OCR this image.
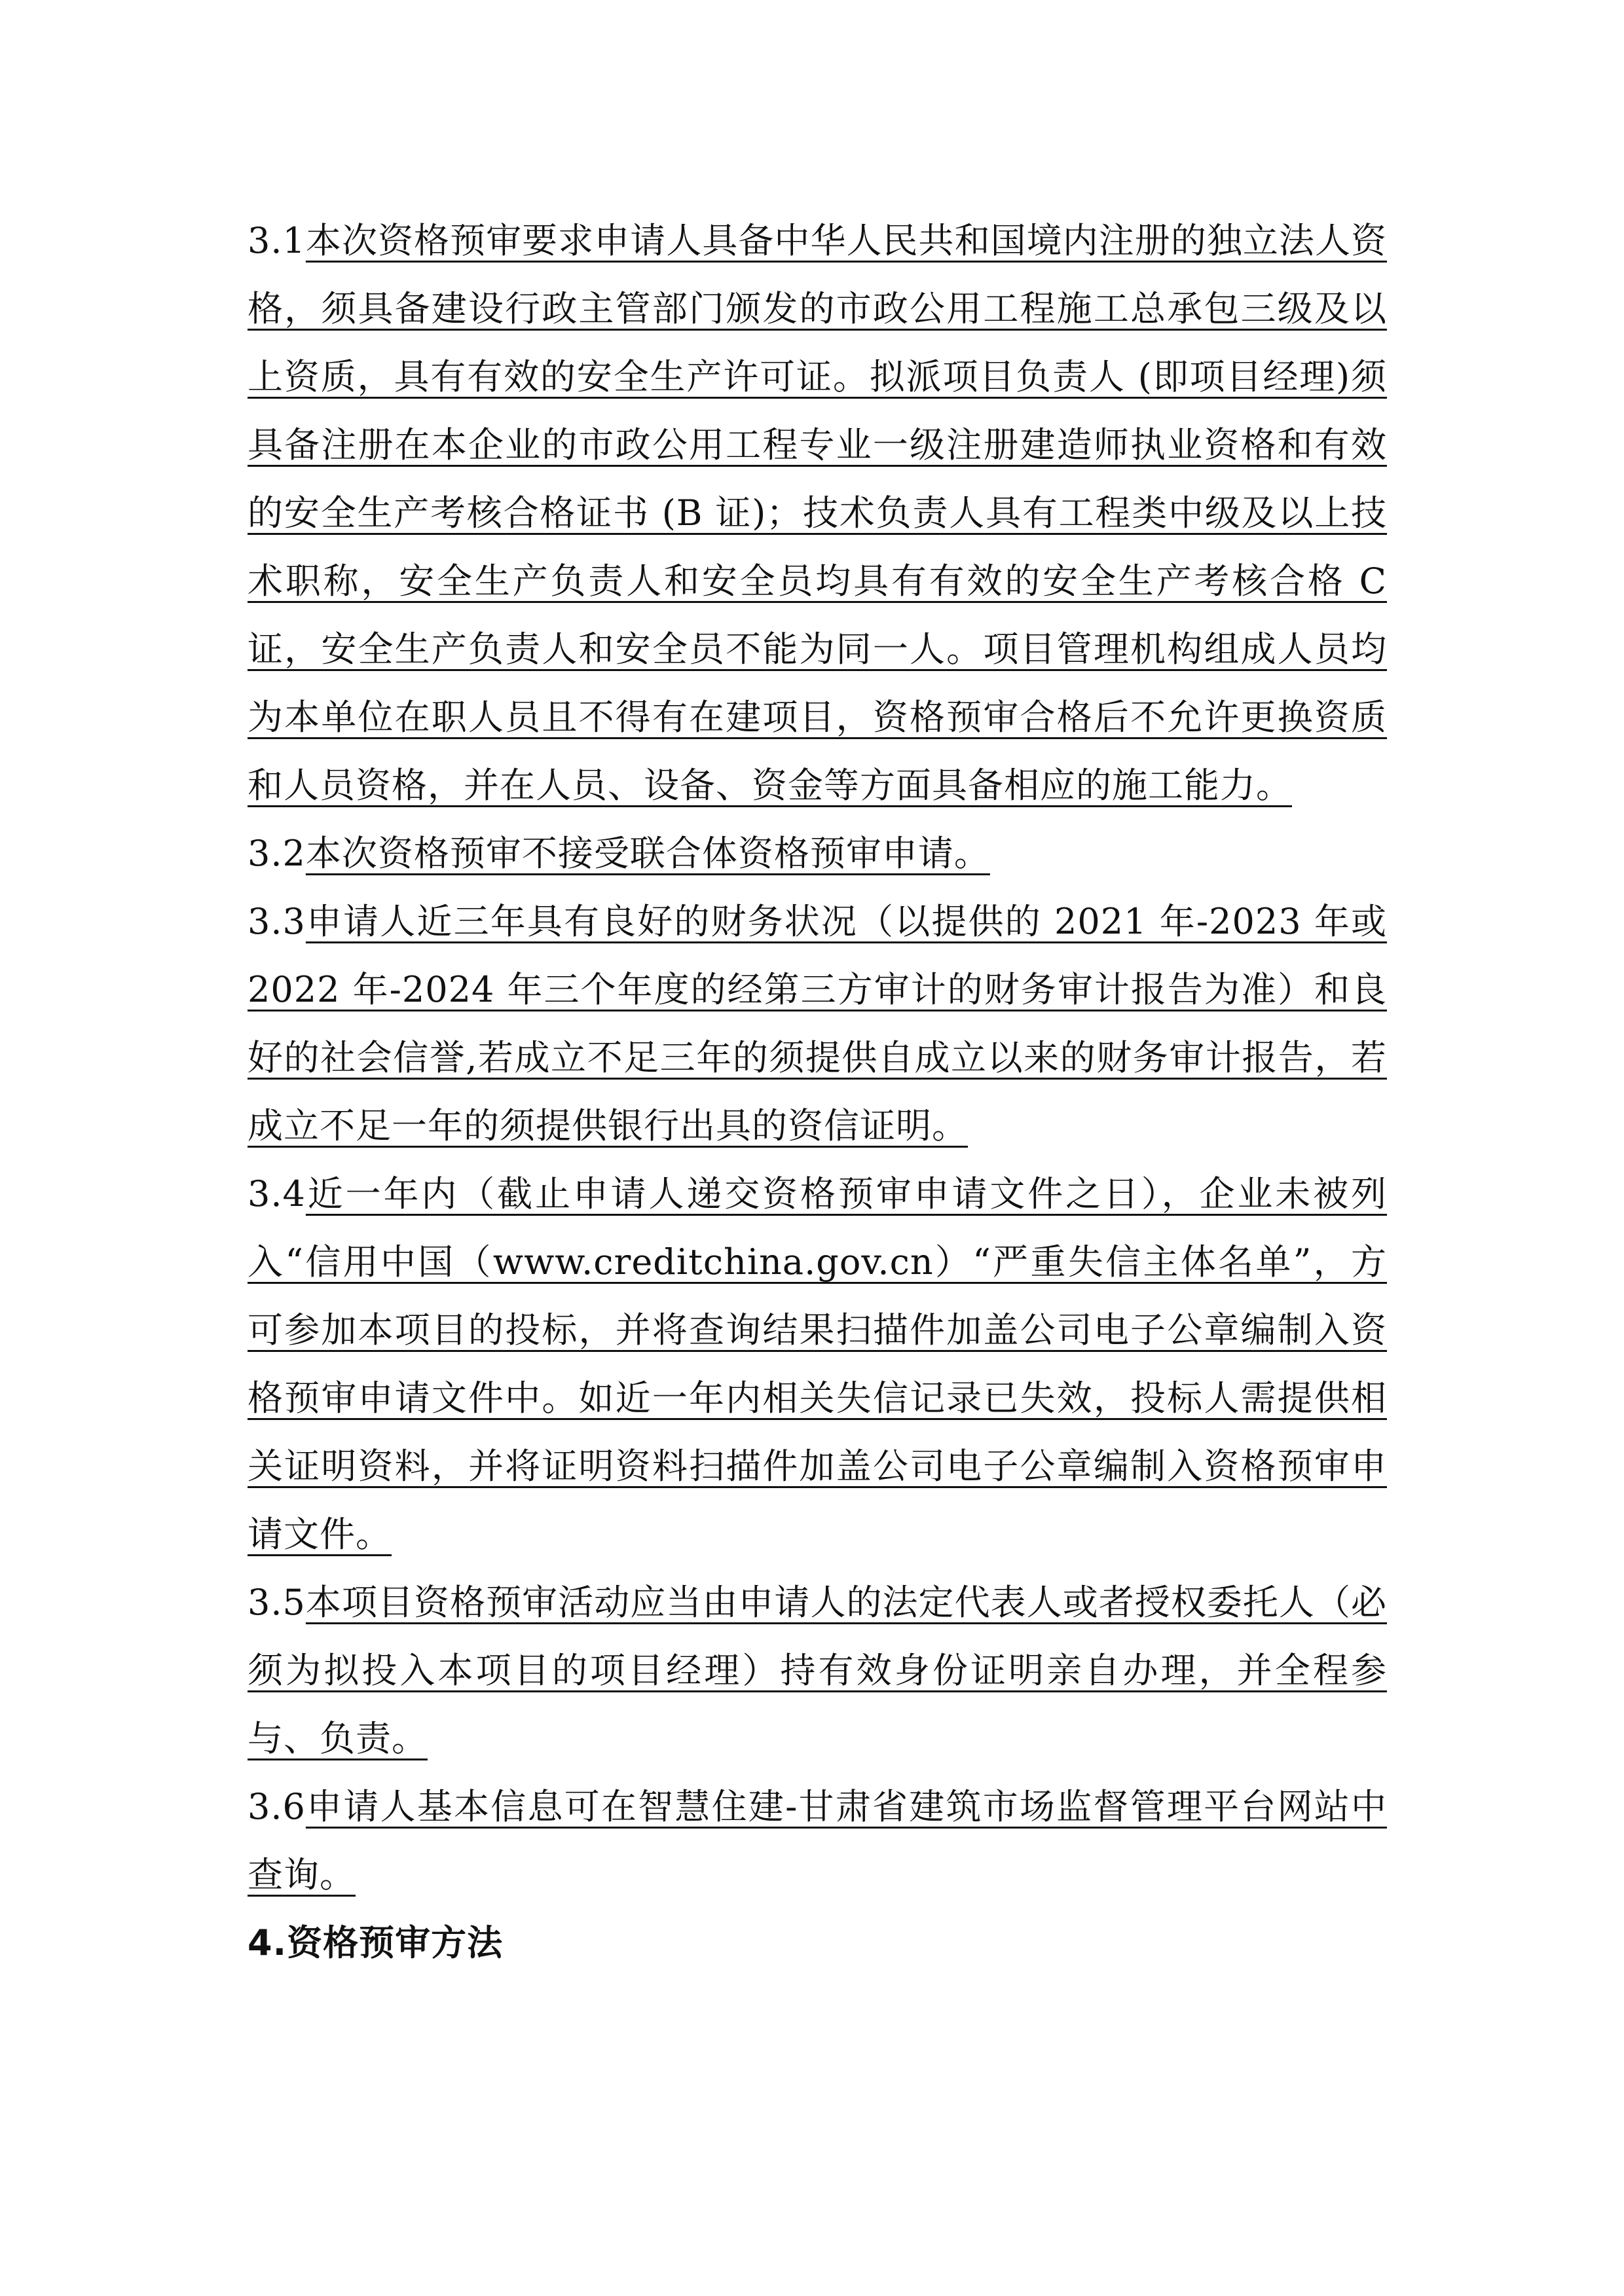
3.1本次资格预审要求申请人具备中华人民共和国境内注册的独立法人资格，须具备建设行政主管部门颁发的市政公用工程施工总承包三级及以上资质，具有有效的安全生产许可证。拟派项目负责人 (即项目经理)须具备注册在本企业的市政公用工程专业一级注册建造师执业资格和有效的安全生产考核合格证书 (B 证)；技术负责人具有工程类中级及以上技术职称，安全生产负责人和安全员均具有有效的安全生产考核合格 C 证，安全生产负责人和安全员不能为同一人。项目管理机构组成人员均为本单位在职人员且不得有在建项目，资格预审合格后不允许更换资质和人员资格，并在人员、设备、资金等方面具备相应的施工能力。

3.2本次资格预审不接受联合体资格预审申请。

3.3申请人近三年具有良好的财务状况（以提供的 2021 年-2023 年或 2022 年-2024 年三个年度的经第三方审计的财务审计报告为准）和良好的社会信誉,若成立不足三年的须提供自成立以来的财务审计报告，若成立不足一年的须提供银行出具的资信证明。

3.4近一年内（截止申请人递交资格预审申请文件之日），企业未被列入“信用中国（www.creditchina.gov.cn）“严重失信主体名单”，方可参加本项目的投标，并将查询结果扫描件加盖公司电子公章编制入资格预审申请文件中。如近一年内相关失信记录已失效，投标人需提供相关证明资料，并将证明资料扫描件加盖公司电子公章编制入资格预审申请文件。

3.5本项目资格预审活动应当由申请人的法定代表人或者授权委托人（必须为拟投入本项目的项目经理）持有效身份证明亲自办理，并全程参与、负责。

3.6申请人基本信息可在智慧住建-甘肃省建筑市场监督管理平台网站中查询。

4.资格预审方法
